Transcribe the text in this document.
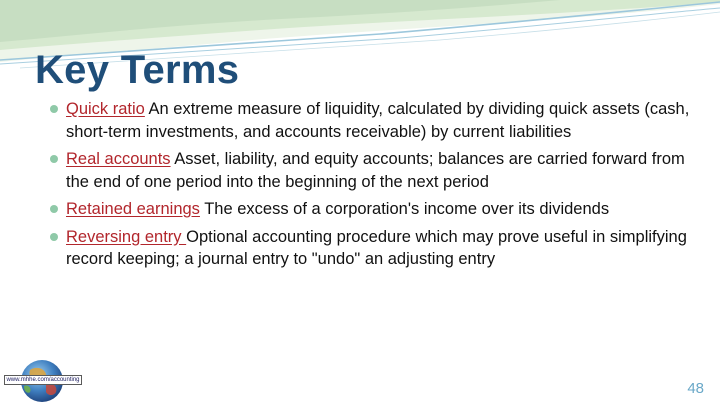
Key Terms
Quick ratio An extreme measure of liquidity, calculated by dividing quick assets (cash, short-term investments, and accounts receivable) by current liabilities
Real accounts Asset, liability, and equity accounts; balances are carried forward from the end of one period into the beginning of the next period
Retained earnings The excess of a corporation's income over its dividends
Reversing entry Optional accounting procedure which may prove useful in simplifying record keeping; a journal entry to "undo" an adjusting entry
www.mhhe.com/accounting	48
